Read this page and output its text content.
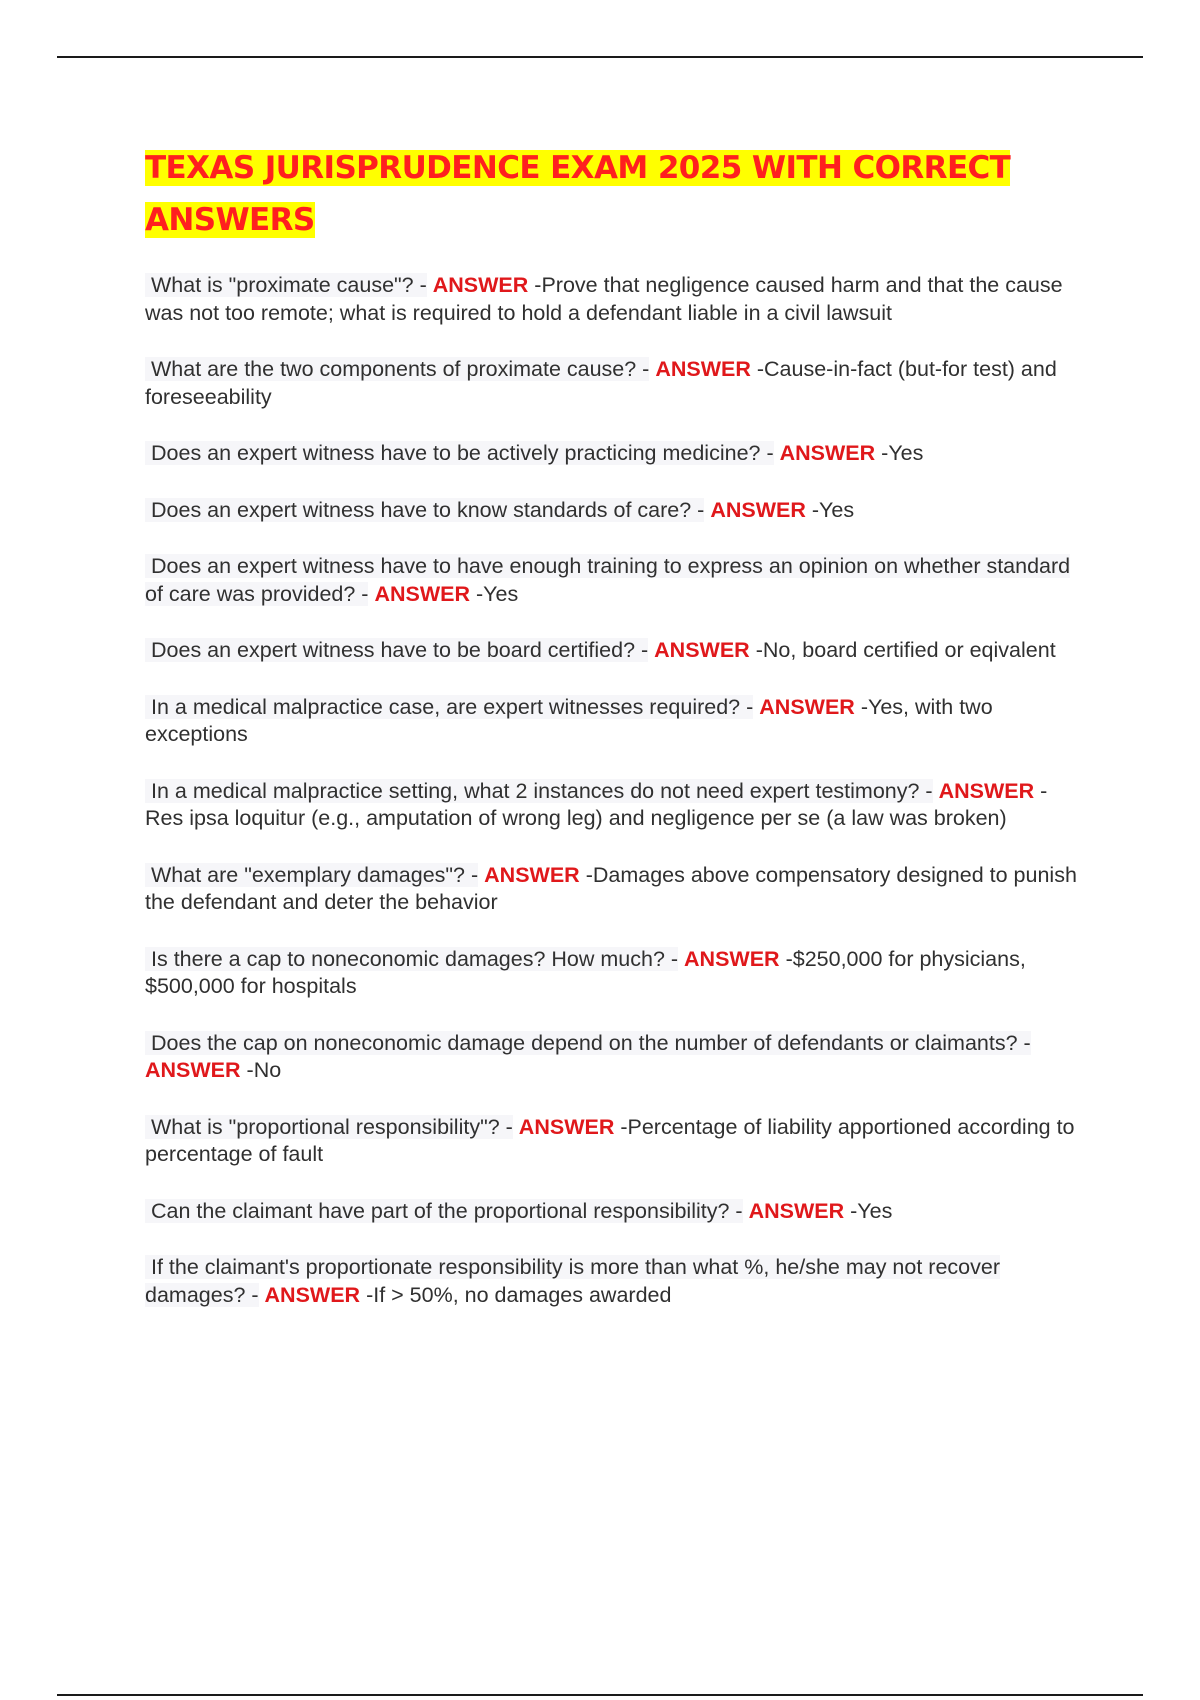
TEXAS JURISPRUDENCE EXAM 2025 WITH CORRECT ANSWERS
What is "proximate cause"? - ANSWER -Prove that negligence caused harm and that the cause was not too remote; what is required to hold a defendant liable in a civil lawsuit
What are the two components of proximate cause? - ANSWER -Cause-in-fact (but-for test) and foreseeability
Does an expert witness have to be actively practicing medicine? - ANSWER -Yes
Does an expert witness have to know standards of care? - ANSWER -Yes
Does an expert witness have to have enough training to express an opinion on whether standard of care was provided? - ANSWER -Yes
Does an expert witness have to be board certified? - ANSWER -No, board certified or eqivalent
In a medical malpractice case, are expert witnesses required? - ANSWER -Yes, with two exceptions
In a medical malpractice setting, what 2 instances do not need expert testimony? - ANSWER -Res ipsa loquitur (e.g., amputation of wrong leg) and negligence per se (a law was broken)
What are "exemplary damages"? - ANSWER -Damages above compensatory designed to punish the defendant and deter the behavior
Is there a cap to noneconomic damages? How much? - ANSWER -$250,000 for physicians, $500,000 for hospitals
Does the cap on noneconomic damage depend on the number of defendants or claimants? - ANSWER -No
What is "proportional responsibility"? - ANSWER -Percentage of liability apportioned according to percentage of fault
Can the claimant have part of the proportional responsibility? - ANSWER -Yes
If the claimant's proportionate responsibility is more than what %, he/she may not recover damages? - ANSWER -If > 50%, no damages awarded
